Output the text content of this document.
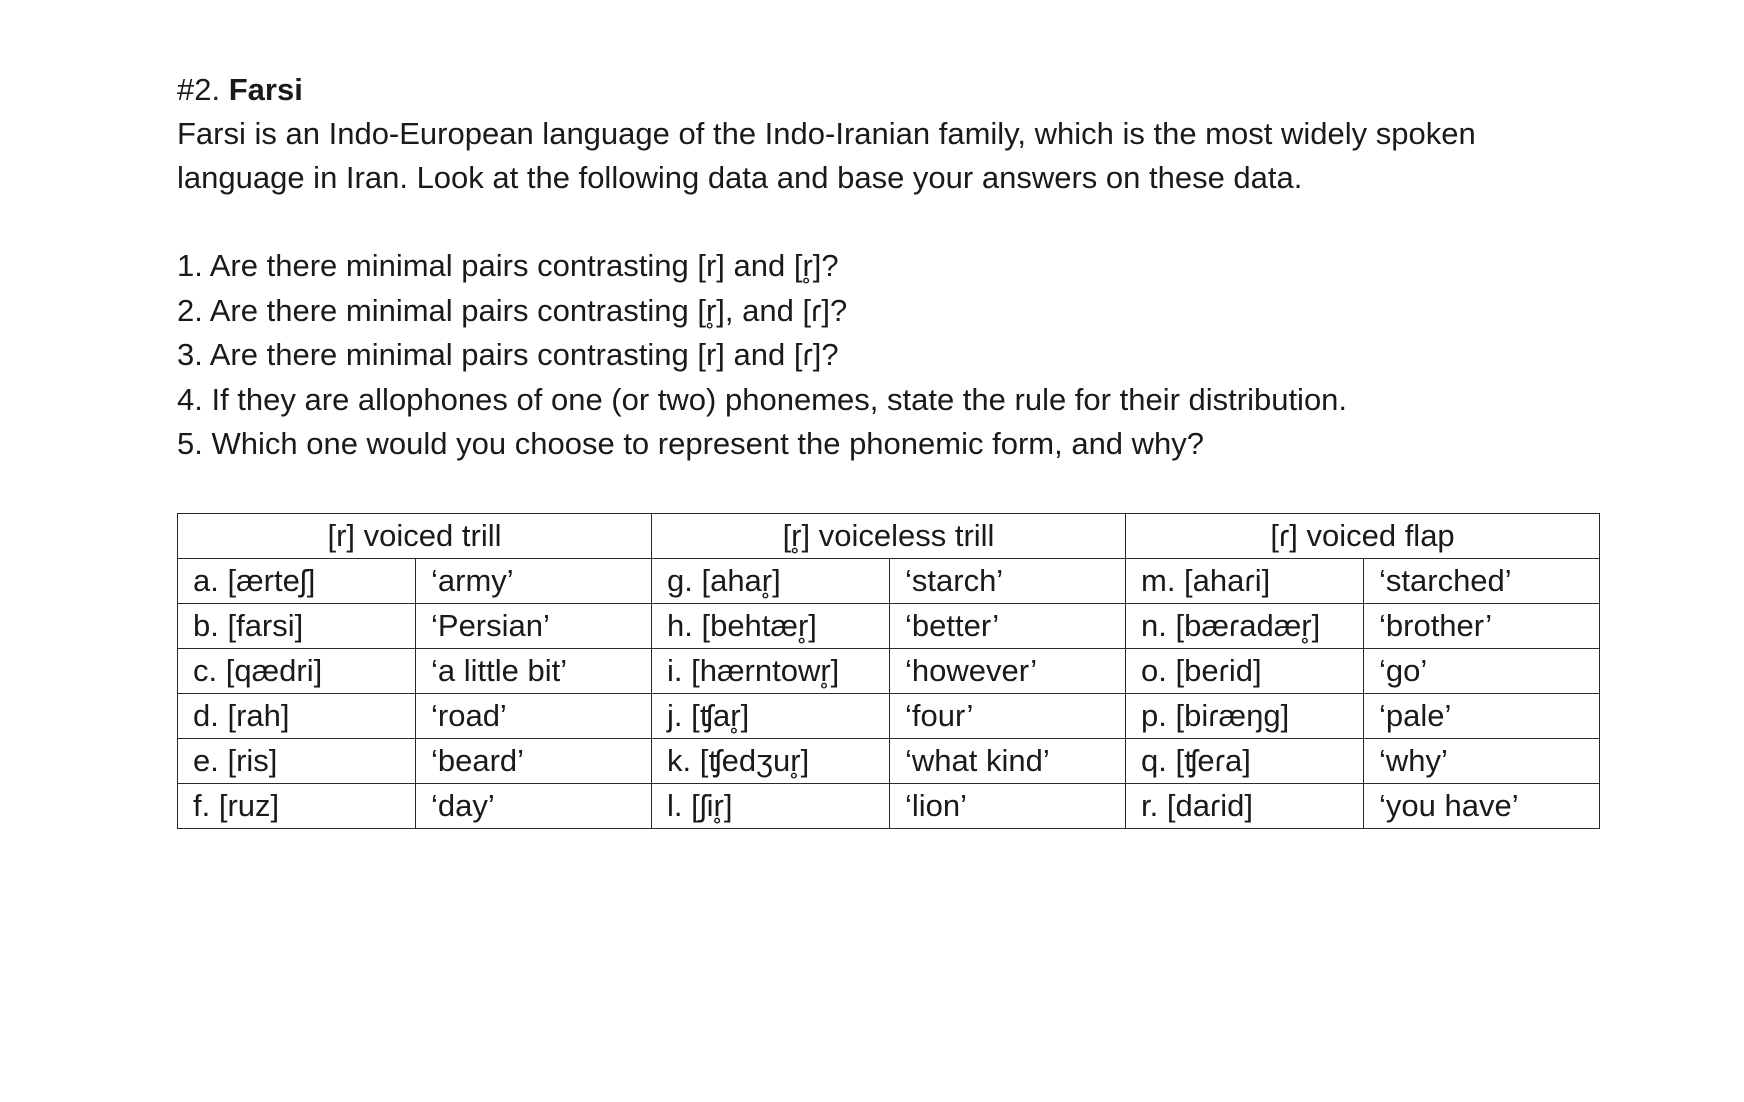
#2. Farsi

Farsi is an Indo-European language of the Indo-Iranian family, which is the most widely spoken
language in Iran. Look at the following data and base your answers on these data.

1. Are there minimal pairs contrasting [r] and [r̥]?
2. Are there minimal pairs contrasting [r̥], and [ɾ]?
3. Are there minimal pairs contrasting [r] and [ɾ]?
4. If they are allophones of one (or two) phonemes, state the rule for their distribution.
5. Which one would you choose to represent the phonemic form, and why?
[r] voiced trill		[r̥] voiceless trill		[ɾ] voiced flap	
a. [ærteʃ]	‘army’	g. [ahar̥]	‘starch’	m. [ahaɾi]	‘starched’
b. [farsi]	‘Persian’	h. [behtær̥]	‘better’	n. [bæɾadær̥]	‘brother’
c. [qædri]	‘a little bit’	i. [hærntowr̥]	‘however’	o. [beɾid]	‘go’
d. [rah]	‘road’	j. [ʧar̥]	‘four’	p. [biɾæŋg]	‘pale’
e. [ris]	‘beard’	k. [ʧedʒur̥]	‘what kind’	q. [ʧeɾa]	‘why’
f. [ruz]	‘day’	l. [ʃir̥]	‘lion’	r. [daɾid]	‘you have’
